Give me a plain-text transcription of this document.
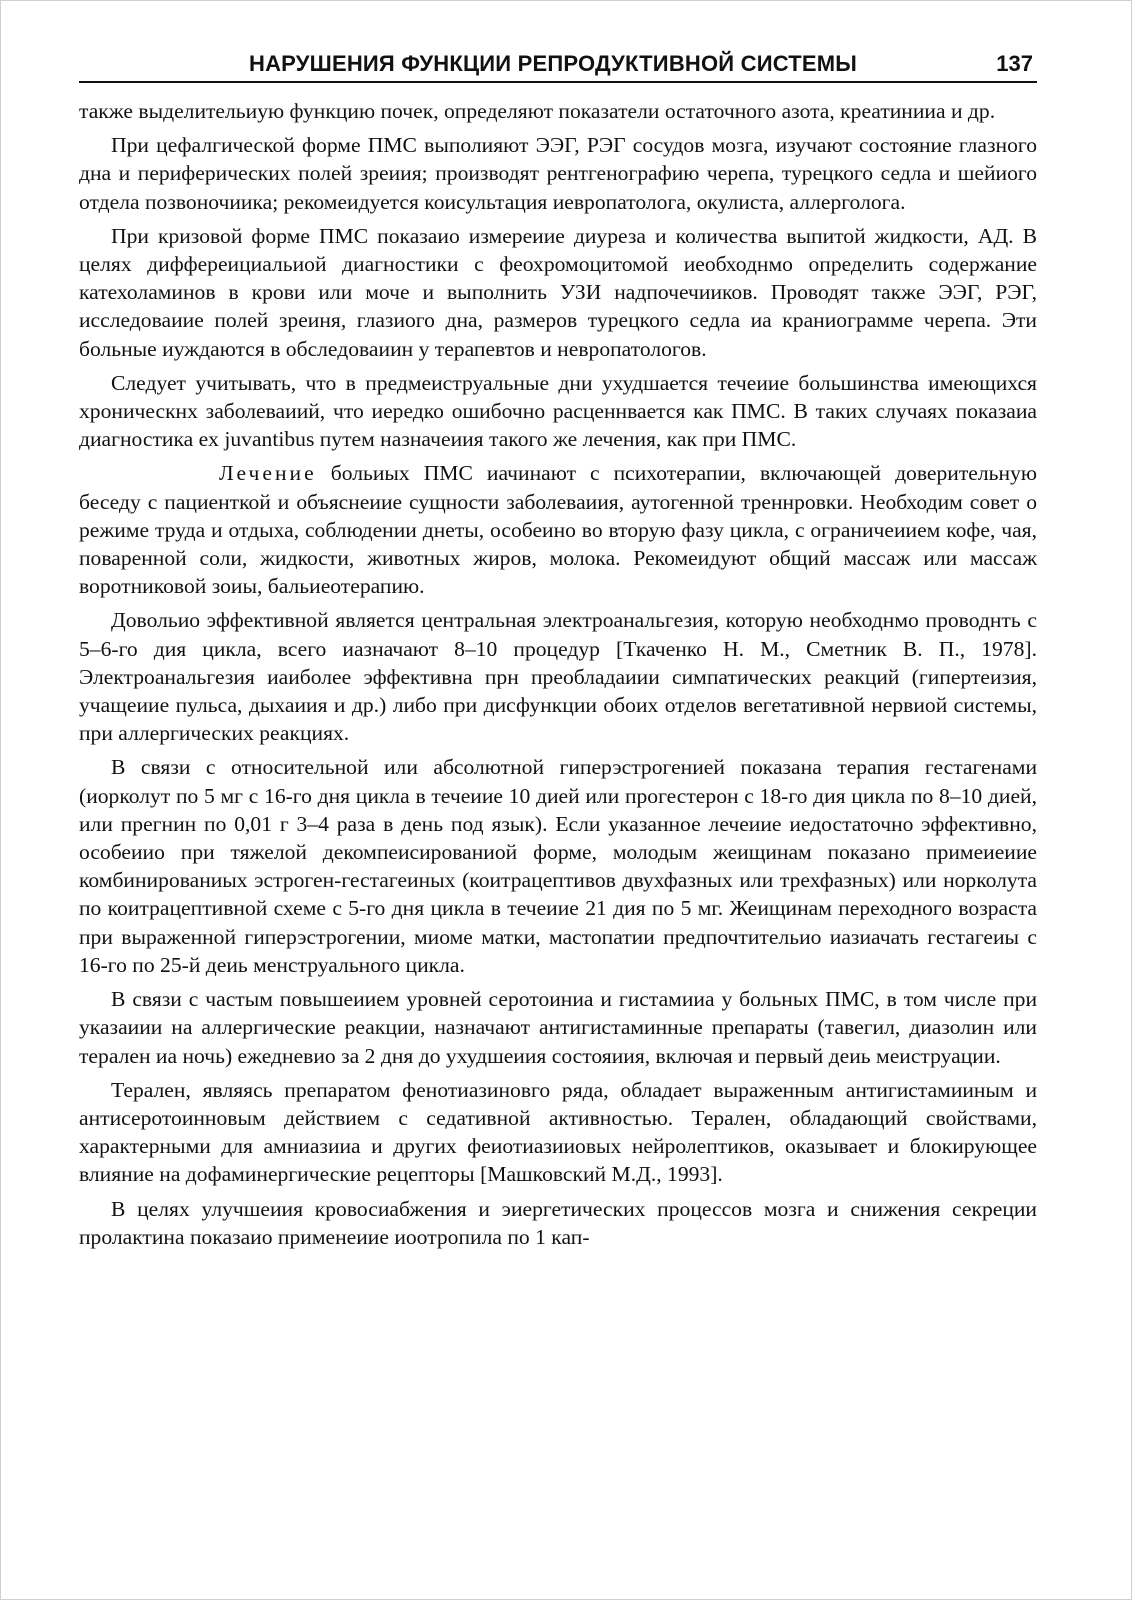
НАРУШЕНИЯ ФУНКЦИИ РЕПРОДУКТИВНОЙ СИСТЕМЫ	137

также выделительиую функцию почек, определяют показатели остаточного азота, креатинииа и др.

При цефалгической форме ПМС выполияют ЭЭГ, РЭГ сосудов мозга, изучают состояние глазного дна и периферических полей зреиия; производят рентгенографию черепа, турецкого седла и шейиого отдела позвоночиика; рекомеидуется коисультация иевропатолога, окулиста, аллерголога.

При кризовой форме ПМС показаио измереиие диуреза и количества выпитой жидкости, АД. В целях диффереициальиой диагностики с феохромоцитомой иеобходнмо определить содержание катехоламинов в крови или моче и выполнить УЗИ надпочечииков. Проводят также ЭЭГ, РЭГ, исследоваиие полей зреиня, глазиого дна, размеров турецкого седла иа краниограмме черепа. Эти больные иуждаются в обследоваиин у терапевтов и невропатологов.

Следует учитывать, что в предмеиструальные дни ухудшается течеиие большинства имеющихся хроническнх заболеваиий, что иередко ошибочно расценнвается как ПМС. В таких случаях показаиа диагностика ex juvantibus путем назначеиия такого же лечения, как при ПМС.

Лечение больиых ПМС иачинают с психотерапии, включающей доверительную беседу с пациенткой и объяснеиие сущности заболеваиия, аутогенной треннровки. Необходим совет о режиме труда и отдыха, соблюдении днеты, особеино во вторую фазу цикла, с ограничеиием кофе, чая, поваренной соли, жидкости, животных жиров, молока. Рекомеидуют общий массаж или массаж воротниковой зоиы, бальиеотерапию.

Довольио эффективной является центральная электроанальгезия, которую необходнмо проводнть с 5–6-го дия цикла, всего иазначают 8–10 процедур [Ткаченко Н. М., Сметник В. П., 1978]. Электроанальгезия иаиболее эффективна прн преобладаиии симпатических реакций (гипертеизия, учащеиие пульса, дыхаиия и др.) либо при дисфункции обоих отделов вегетативной нервиой системы, при аллергических реакциях.

В связи с относительной или абсолютной гиперэстрогенией показана терапия гестагенами (иорколут по 5 мг с 16-го дня цикла в течеиие 10 дией или прогестерон с 18-го дия цикла по 8–10 дией, или прегнин по 0,01 г 3–4 раза в день под язык). Если указанное лечеиие иедостаточно эффективно, особеиио при тяжелой декомпеисированиой форме, молодым жеищинам показано примеиеиие комбинированиых эстроген-гестагеиных (коитрацептивов двухфазных или трехфазных) или норколута по коитрацептивной схеме с 5-го дня цикла в течеиие 21 дия по 5 мг. Жеищинам переходного возраста при выраженной гиперэстрогении, миоме матки, мастопатии предпочтительио иазиачать гестагеиы с 16-го по 25-й деиь менструального цикла.

В связи с частым повышеиием уровней серотоиниа и гистамииа у больных ПМС, в том числе при указаиии на аллергические реакции, назначают антигистаминные препараты (тавегил, диазолин или терален иа ночь) ежедневио за 2 дня до ухудшеиия состояиия, включая и первый деиь меиструации.

Терален, являясь препаратом фенотиазиновго ряда, обладает выраженным антигистамииным и антисеротоинновым действием с седативной активностью. Терален, обладающий свойствами, характерными для амниазииа и других феиотиазииовых нейролептиков, оказывает и блокирующее влияние на дофаминергические рецепторы [Машковский М.Д., 1993].

В целях улучшеиия кровосиабжения и эиергетических процессов мозга и снижения секреции пролактина показаио применеиие иоотропила по 1 кап-
